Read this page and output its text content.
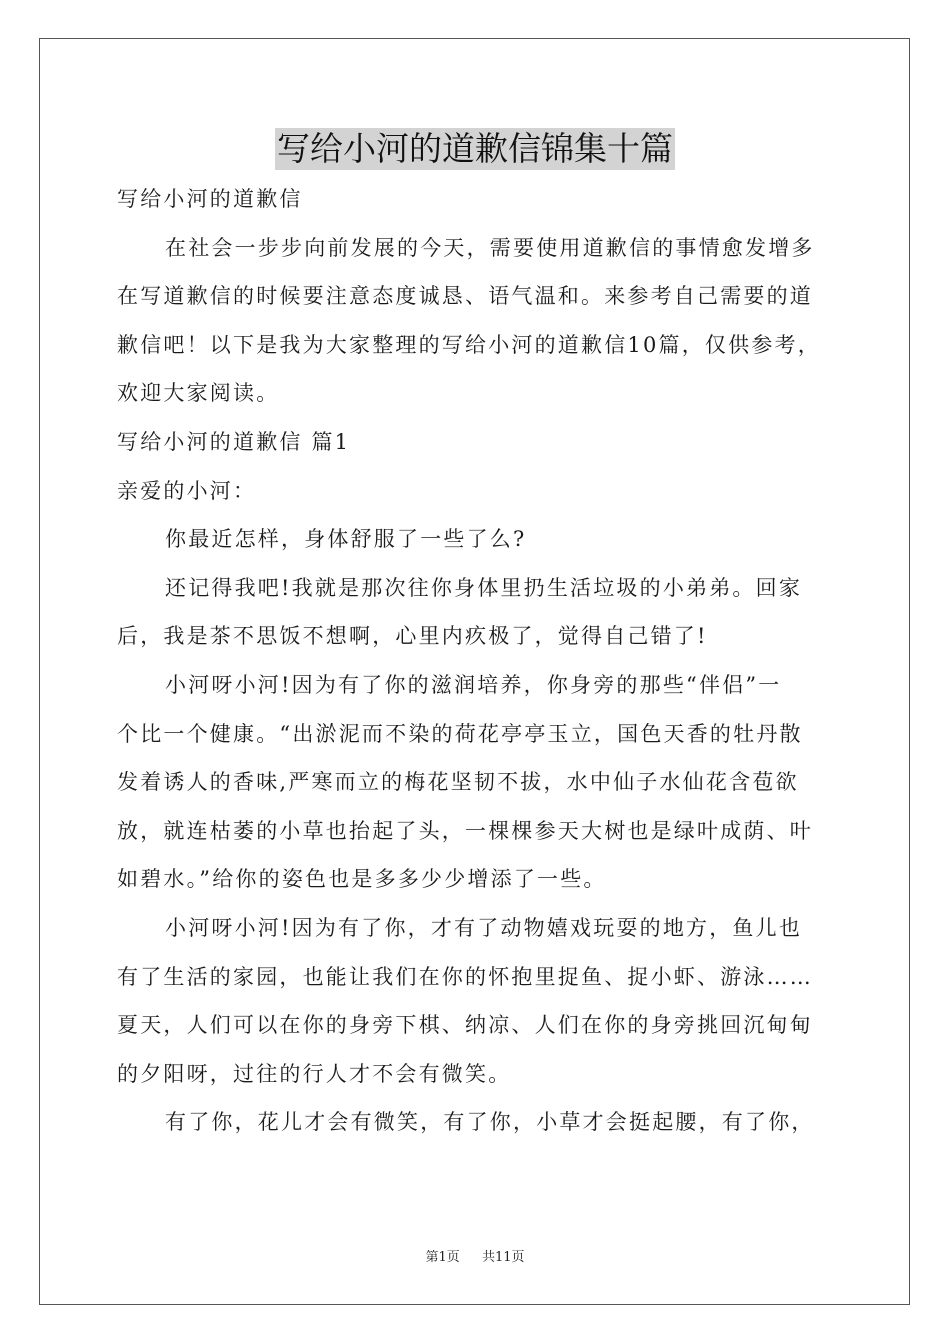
写给小河的道歉信锦集十篇
写给小河的道歉信
在社会一步步向前发展的今天，需要使用道歉信的事情愈发增多
在写道歉信的时候要注意态度诚恳、语气温和。来参考自己需要的道
歉信吧！以下是我为大家整理的写给小河的道歉信10篇，仅供参考，
欢迎大家阅读。
写给小河的道歉信 篇1
亲爱的小河：
你最近怎样，身体舒服了一些了么?
还记得我吧!我就是那次往你身体里扔生活垃圾的小弟弟。回家
后，我是茶不思饭不想啊，心里内疚极了，觉得自己错了!
小河呀小河!因为有了你的滋润培养，你身旁的那些“伴侣”一
个比一个健康。“出淤泥而不染的荷花亭亭玉立，国色天香的牡丹散
发着诱人的香味,严寒而立的梅花坚韧不拔，水中仙子水仙花含苞欲
放，就连枯萎的小草也抬起了头，一棵棵参天大树也是绿叶成荫、叶
如碧水。”给你的姿色也是多多少少增添了一些。
小河呀小河!因为有了你，才有了动物嬉戏玩耍的地方，鱼儿也
有了生活的家园，也能让我们在你的怀抱里捉鱼、捉小虾、游泳……
夏天，人们可以在你的身旁下棋、纳凉、人们在你的身旁挑回沉甸甸
的夕阳呀，过往的行人才不会有微笑。
有了你，花儿才会有微笑，有了你，小草才会挺起腰，有了你，
第1页 共11页
